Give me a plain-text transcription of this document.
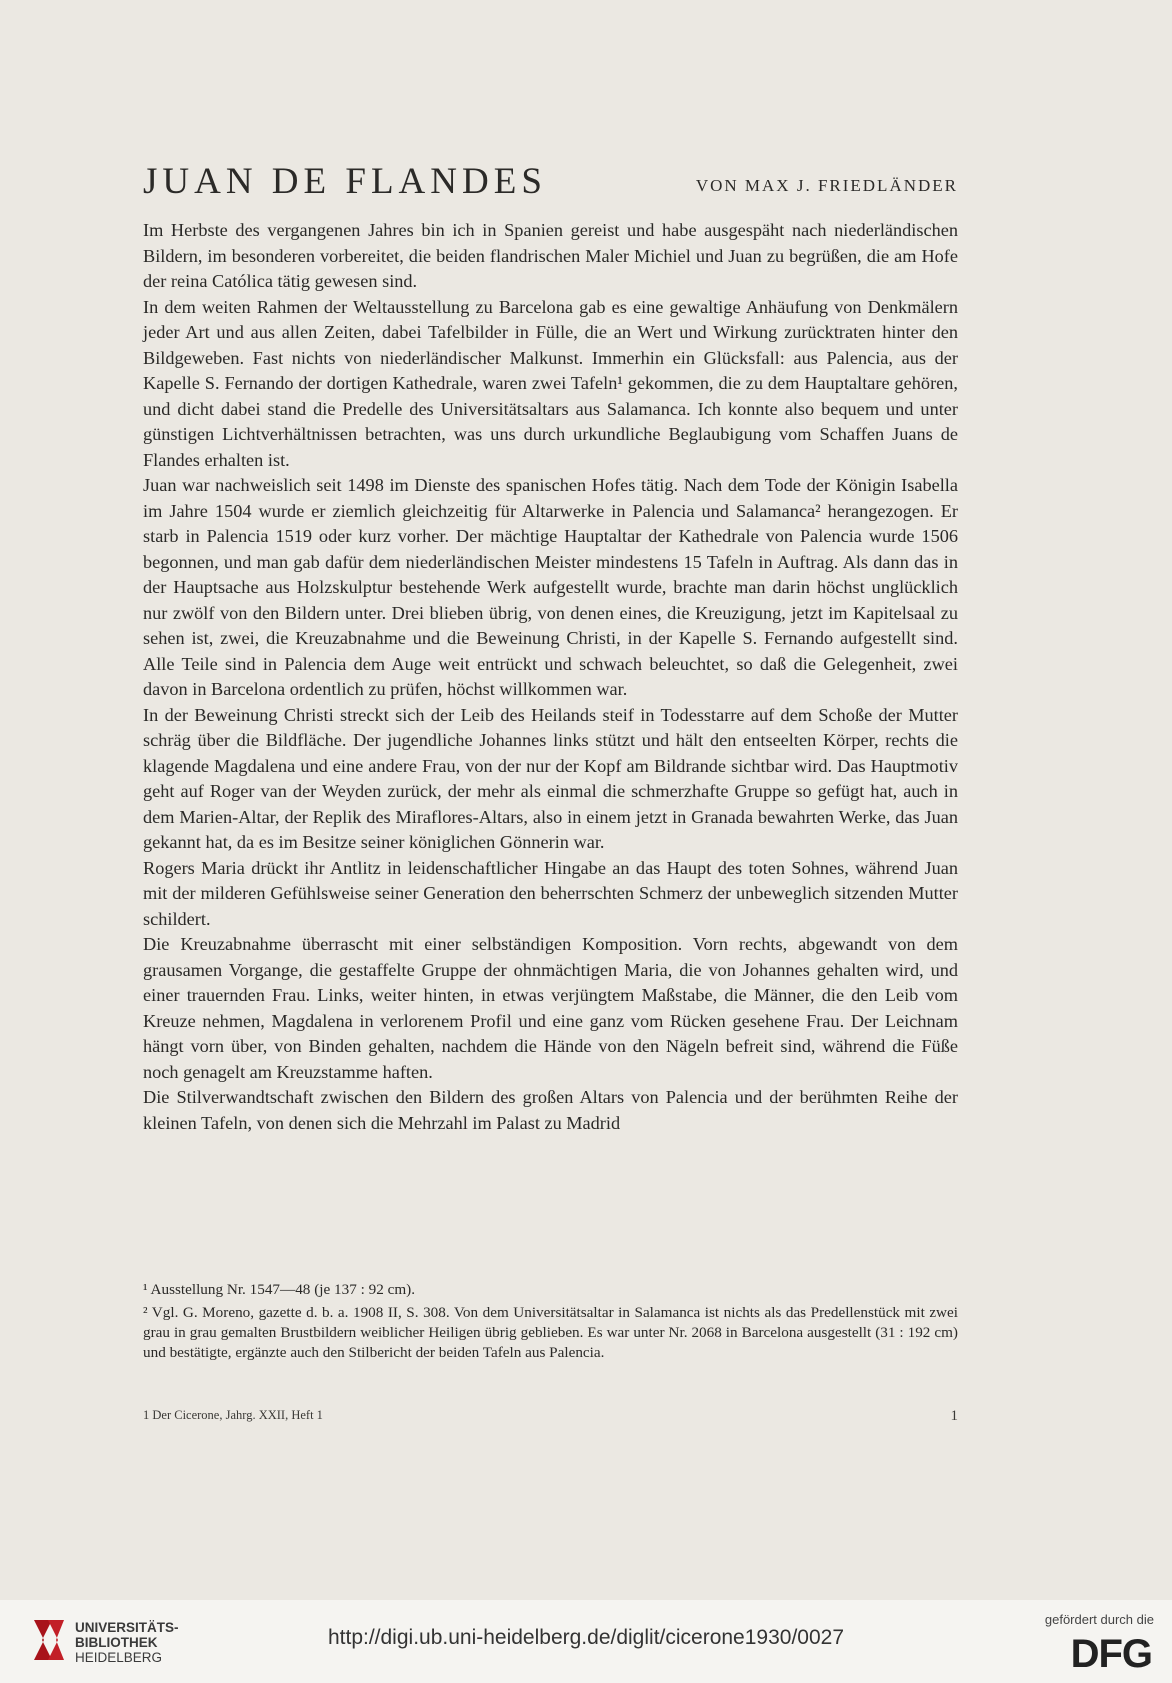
JUAN DE FLANDES	VON MAX J. FRIEDLÄNDER

Im Herbste des vergangenen Jahres bin ich in Spanien gereist und habe ausgespäht nach niederländischen Bildern, im besonderen vorbereitet, die beiden flandrischen Maler Michiel und Juan zu begrüßen, die am Hofe der reina Católica tätig gewesen sind.

In dem weiten Rahmen der Weltausstellung zu Barcelona gab es eine gewaltige Anhäufung von Denkmälern jeder Art und aus allen Zeiten, dabei Tafelbilder in Fülle, die an Wert und Wirkung zurücktraten hinter den Bildgeweben. Fast nichts von niederländischer Malkunst. Immerhin ein Glücksfall: aus Palencia, aus der Kapelle S. Fernando der dortigen Kathedrale, waren zwei Tafeln¹ gekommen, die zu dem Hauptaltare gehören, und dicht dabei stand die Predelle des Universitätsaltars aus Salamanca. Ich konnte also bequem und unter günstigen Lichtverhältnissen betrachten, was uns durch urkundliche Beglaubigung vom Schaffen Juans de Flandes erhalten ist.

Juan war nachweislich seit 1498 im Dienste des spanischen Hofes tätig. Nach dem Tode der Königin Isabella im Jahre 1504 wurde er ziemlich gleichzeitig für Altarwerke in Palencia und Salamanca² herangezogen. Er starb in Palencia 1519 oder kurz vorher. Der mächtige Hauptaltar der Kathedrale von Palencia wurde 1506 begonnen, und man gab dafür dem niederländischen Meister mindestens 15 Tafeln in Auftrag. Als dann das in der Hauptsache aus Holzskulptur bestehende Werk aufgestellt wurde, brachte man darin höchst unglücklich nur zwölf von den Bildern unter. Drei blieben übrig, von denen eines, die Kreuzigung, jetzt im Kapitelsaal zu sehen ist, zwei, die Kreuzabnahme und die Beweinung Christi, in der Kapelle S. Fernando aufgestellt sind. Alle Teile sind in Palencia dem Auge weit entrückt und schwach beleuchtet, so daß die Gelegenheit, zwei davon in Barcelona ordentlich zu prüfen, höchst willkommen war.

In der Beweinung Christi streckt sich der Leib des Heilands steif in Todesstarre auf dem Schoße der Mutter schräg über die Bildfläche. Der jugendliche Johannes links stützt und hält den entseelten Körper, rechts die klagende Magdalena und eine andere Frau, von der nur der Kopf am Bildrande sichtbar wird. Das Hauptmotiv geht auf Roger van der Weyden zurück, der mehr als einmal die schmerzhafte Gruppe so gefügt hat, auch in dem Marien-Altar, der Replik des Miraflores-Altars, also in einem jetzt in Granada bewahrten Werke, das Juan gekannt hat, da es im Besitze seiner königlichen Gönnerin war.

Rogers Maria drückt ihr Antlitz in leidenschaftlicher Hingabe an das Haupt des toten Sohnes, während Juan mit der milderen Gefühlsweise seiner Generation den beherrschten Schmerz der unbeweglich sitzenden Mutter schildert.

Die Kreuzabnahme überrascht mit einer selbständigen Komposition. Vorn rechts, abgewandt von dem grausamen Vorgange, die gestaffelte Gruppe der ohnmächtigen Maria, die von Johannes gehalten wird, und einer trauernden Frau. Links, weiter hinten, in etwas verjüngtem Maßstabe, die Männer, die den Leib vom Kreuze nehmen, Magdalena in verlorenem Profil und eine ganz vom Rücken gesehene Frau. Der Leichnam hängt vorn über, von Binden gehalten, nachdem die Hände von den Nägeln befreit sind, während die Füße noch genagelt am Kreuzstamme haften.

Die Stilverwandtschaft zwischen den Bildern des großen Altars von Palencia und der berühmten Reihe der kleinen Tafeln, von denen sich die Mehrzahl im Palast zu Madrid

1 Der Cicerone, Jahrg. XXII, Heft 1	1

¹ Ausstellung Nr. 1547—48 (je 137 : 92 cm).

² Vgl. G. Moreno, gazette d. b. a. 1908 II, S. 308. Von dem Universitätsaltar in Salamanca ist nichts als das Predellenstück mit zwei grau in grau gemalten Brustbildern weiblicher Heiligen übrig geblieben. Es war unter Nr. 2068 in Barcelona ausgestellt (31 : 192 cm) und bestätigte, ergänzte auch den Stilbericht der beiden Tafeln aus Palencia.

UNIVERSITÄTS-
BIBLIOTHEK
HEIDELBERG
http://digi.ub.uni-heidelberg.de/diglit/cicerone1930/0027
gefördert durch die
DFG
